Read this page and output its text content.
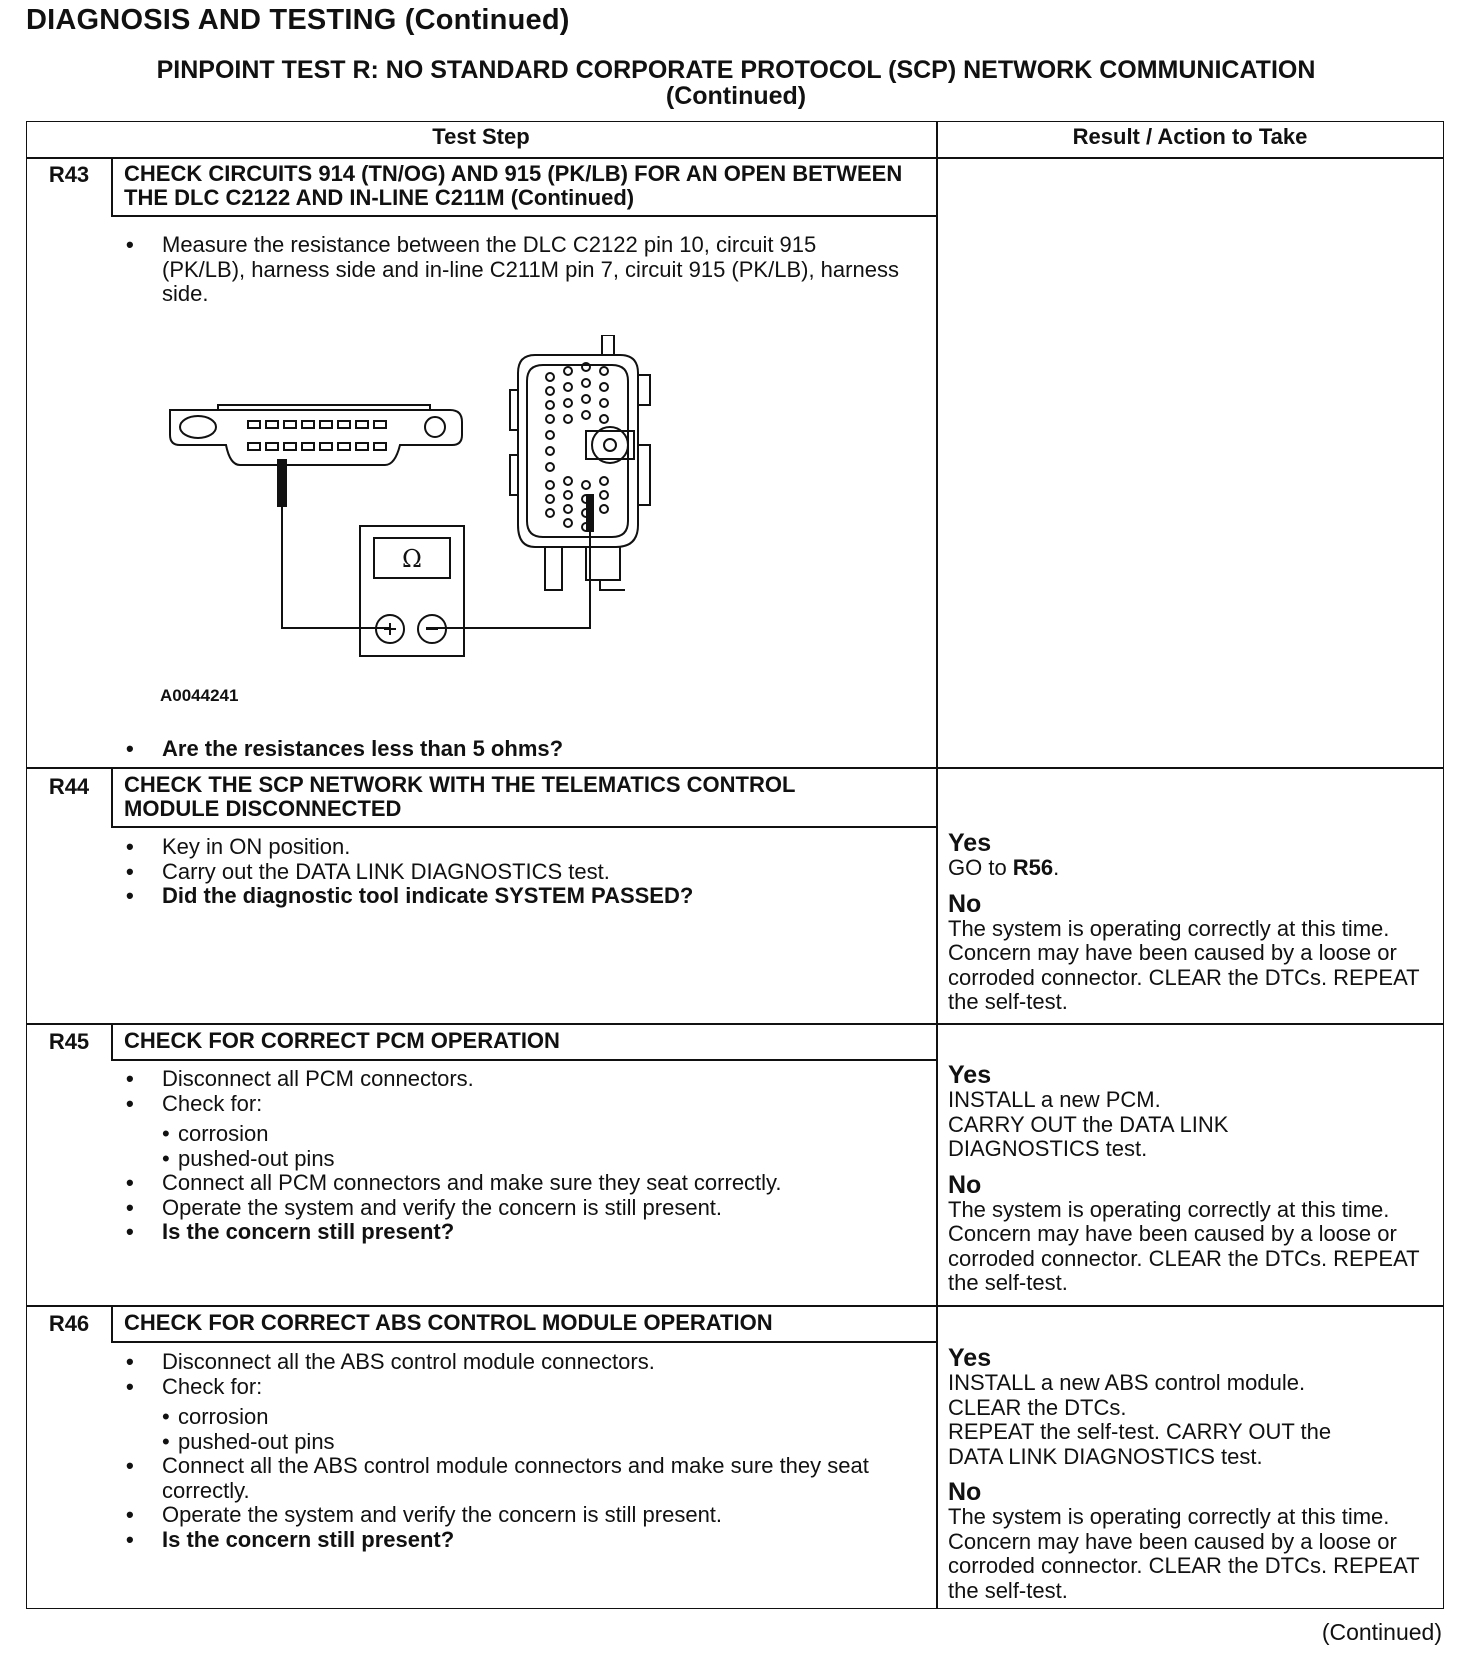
DIAGNOSIS AND TESTING (Continued)
PINPOINT TEST R: NO STANDARD CORPORATE PROTOCOL (SCP) NETWORK COMMUNICATION
(Continued)
Test Step	Result / Action to Take
R43	CHECK CIRCUITS 914 (TN/OG) AND 915 (PK/LB) FOR AN OPEN BETWEEN THE DLC C2122 AND IN-LINE C211M (Continued)
• Measure the resistance between the DLC C2122 pin 10, circuit 915 (PK/LB), harness side and in-line C211M pin 7, circuit 915 (PK/LB), harness side.
Ω
A0044241
• Are the resistances less than 5 ohms?
R44	CHECK THE SCP NETWORK WITH THE TELEMATICS CONTROL MODULE DISCONNECTED
• Key in ON position.
• Carry out the DATA LINK DIAGNOSTICS test.
• Did the diagnostic tool indicate SYSTEM PASSED?
Yes
GO to R56.
No
The system is operating correctly at this time. Concern may have been caused by a loose or corroded connector. CLEAR the DTCs. REPEAT the self-test.
R45	CHECK FOR CORRECT PCM OPERATION
• Disconnect all PCM connectors.
• Check for:
• corrosion
• pushed-out pins
• Connect all PCM connectors and make sure they seat correctly.
• Operate the system and verify the concern is still present.
• Is the concern still present?
Yes
INSTALL a new PCM.
CARRY OUT the DATA LINK DIAGNOSTICS test.
No
The system is operating correctly at this time. Concern may have been caused by a loose or corroded connector. CLEAR the DTCs. REPEAT the self-test.
R46	CHECK FOR CORRECT ABS CONTROL MODULE OPERATION
• Disconnect all the ABS control module connectors.
• Check for:
• corrosion
• pushed-out pins
• Connect all the ABS control module connectors and make sure they seat correctly.
• Operate the system and verify the concern is still present.
• Is the concern still present?
Yes
INSTALL a new ABS control module.
CLEAR the DTCs.
REPEAT the self-test. CARRY OUT the DATA LINK DIAGNOSTICS test.
No
The system is operating correctly at this time. Concern may have been caused by a loose or corroded connector. CLEAR the DTCs. REPEAT the self-test.
(Continued)
